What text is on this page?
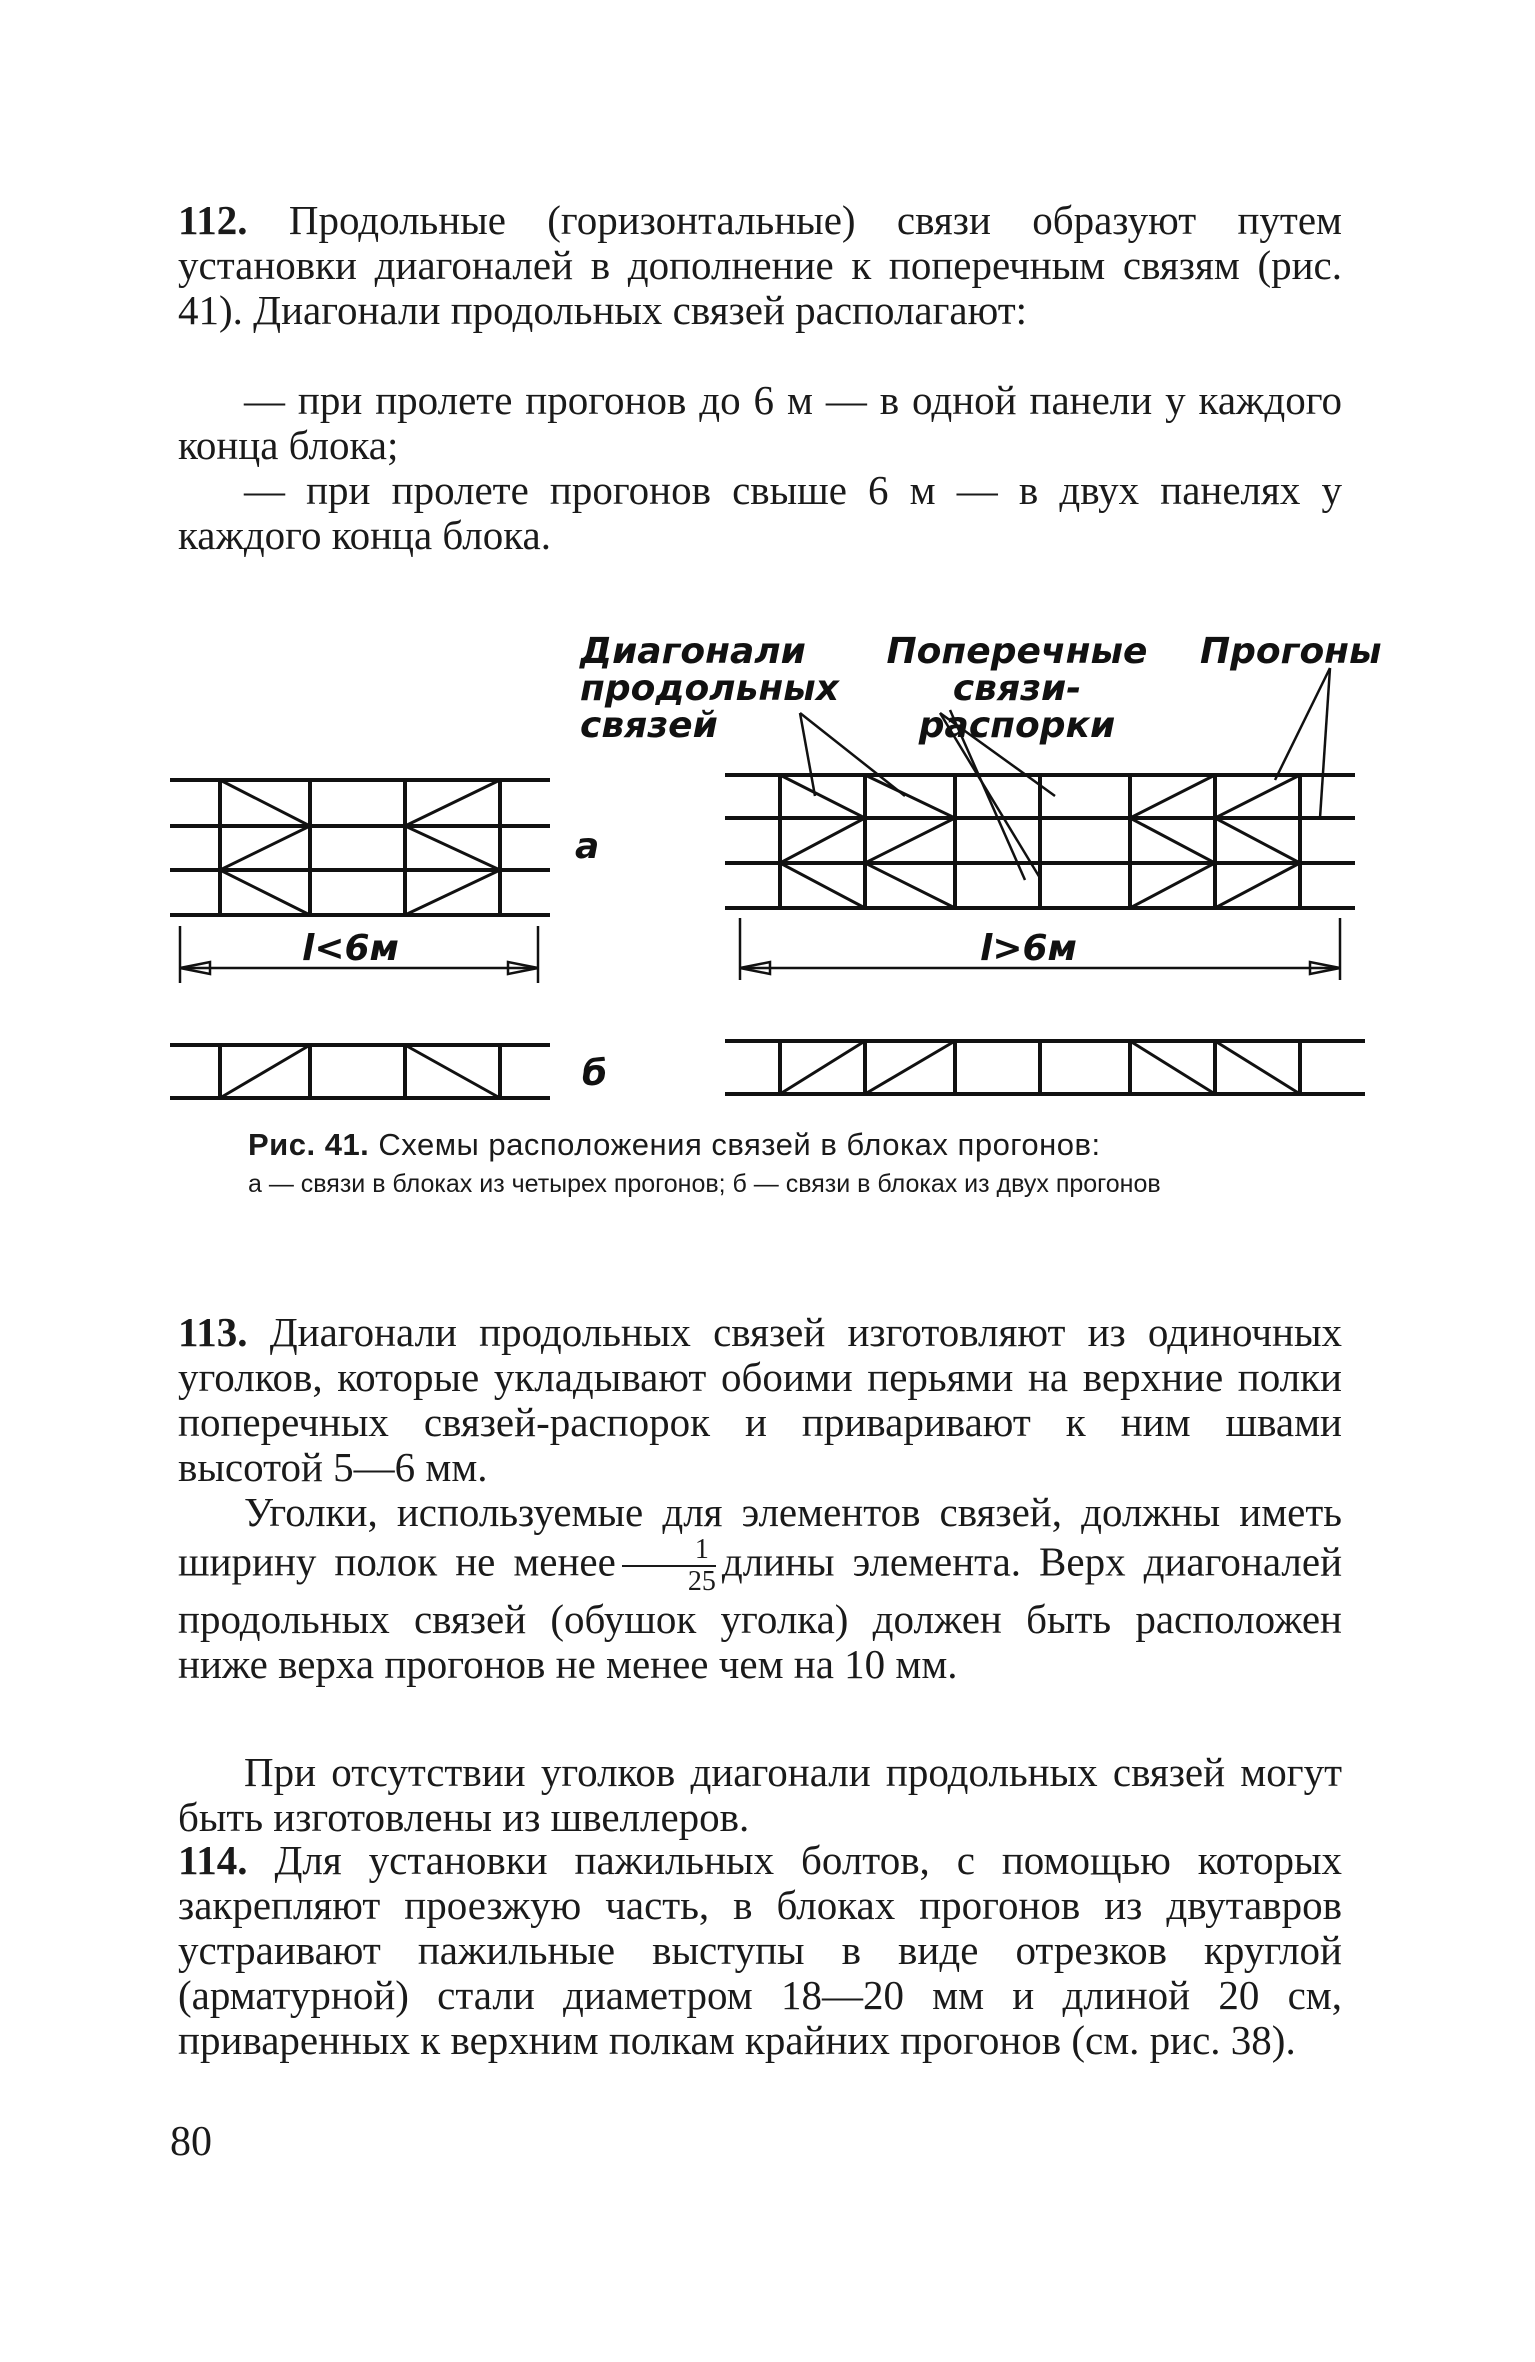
112. Продольные (горизонтальные) связи образуют путем установки диагоналей в дополнение к поперечным связям (рис. 41). Диагонали продольных связей располагают:

— при пролете прогонов до 6 м — в одной панели у каждого конца блока;

— при пролете прогонов свыше 6 м — в двух панелях у каждого конца блока.

Диагонали продольных связей
Поперечные связи-распорки
Прогоны
а
б
l<6м	l>6м
Рис. 41. Схемы расположения связей в блоках прогонов:
а — связи в блоках из четырех прогонов; б — связи в блоках из двух прогонов

113. Диагонали продольных связей изготовляют из одиночных уголков, которые укладывают обоими перьями на верхние полки поперечных связей-распорок и приваривают к ним швами высотой 5—6 мм.

Уголки, используемые для элементов связей, должны иметь ширину полок не менее $\frac{1}{25}$ длины элемента. Верх диагоналей продольных связей (обушок уголка) должен быть расположен ниже верха прогонов не менее чем на 10 мм.

При отсутствии уголков диагонали продольных связей могут быть изготовлены из швеллеров.

114. Для установки пажильных болтов, с помощью которых закрепляют проезжую часть, в блоках прогонов из двутавров устраивают пажильные выступы в виде отрезков круглой (арматурной) стали диаметром 18—20 мм и длиной 20 см, приваренных к верхним полкам крайних прогонов (см. рис. 38).

80
